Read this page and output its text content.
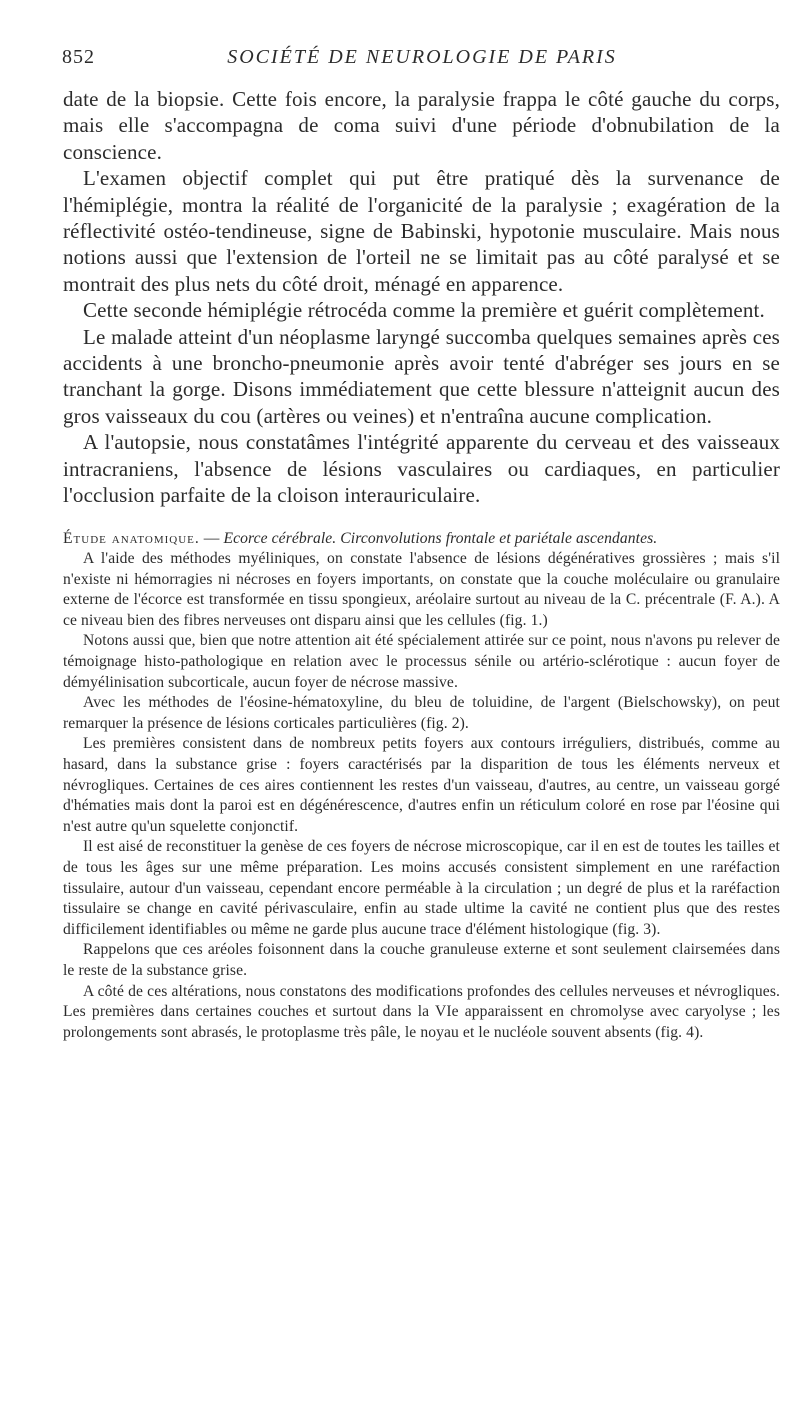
852	SOCIÉTÉ DE NEUROLOGIE DE PARIS

date de la biopsie. Cette fois encore, la paralysie frappa le côté gauche du corps, mais elle s'accompagna de coma suivi d'une période d'obnubilation de la conscience.

L'examen objectif complet qui put être pratiqué dès la survenance de l'hémiplégie, montra la réalité de l'organicité de la paralysie ; exagération de la réflectivité ostéo-tendineuse, signe de Babinski, hypotonie musculaire. Mais nous notions aussi que l'extension de l'orteil ne se limitait pas au côté paralysé et se montrait des plus nets du côté droit, ménagé en apparence.

Cette seconde hémiplégie rétrocéda comme la première et guérit complètement.

Le malade atteint d'un néoplasme laryngé succomba quelques semaines après ces accidents à une broncho-pneumonie après avoir tenté d'abréger ses jours en se tranchant la gorge. Disons immédiatement que cette blessure n'atteignit aucun des gros vaisseaux du cou (artères ou veines) et n'entraîna aucune complication.

A l'autopsie, nous constatâmes l'intégrité apparente du cerveau et des vaisseaux intracraniens, l'absence de lésions vasculaires ou cardiaques, en particulier l'occlusion parfaite de la cloison interauriculaire.

Étude anatomique. — Ecorce cérébrale. Circonvolutions frontale et pariétale ascendantes.

A l'aide des méthodes myéliniques, on constate l'absence de lésions dégénératives grossières ; mais s'il n'existe ni hémorragies ni nécroses en foyers importants, on constate que la couche moléculaire ou granulaire externe de l'écorce est transformée en tissu spongieux, aréolaire surtout au niveau de la C. précentrale (F. A.). A ce niveau bien des fibres nerveuses ont disparu ainsi que les cellules (fig. 1.)

Notons aussi que, bien que notre attention ait été spécialement attirée sur ce point, nous n'avons pu relever de témoignage histo-pathologique en relation avec le processus sénile ou artério-sclérotique : aucun foyer de démyélinisation subcorticale, aucun foyer de nécrose massive.

Avec les méthodes de l'éosine-hématoxyline, du bleu de toluidine, de l'argent (Bielschowsky), on peut remarquer la présence de lésions corticales particulières (fig. 2).

Les premières consistent dans de nombreux petits foyers aux contours irréguliers, distribués, comme au hasard, dans la substance grise : foyers caractérisés par la disparition de tous les éléments nerveux et névrogliques. Certaines de ces aires contiennent les restes d'un vaisseau, d'autres, au centre, un vaisseau gorgé d'hématies mais dont la paroi est en dégénérescence, d'autres enfin un réticulum coloré en rose par l'éosine qui n'est autre qu'un squelette conjonctif.

Il est aisé de reconstituer la genèse de ces foyers de nécrose microscopique, car il en est de toutes les tailles et de tous les âges sur une même préparation. Les moins accusés consistent simplement en une raréfaction tissulaire, autour d'un vaisseau, cependant encore perméable à la circulation ; un degré de plus et la raréfaction tissulaire se change en cavité périvasculaire, enfin au stade ultime la cavité ne contient plus que des restes difficilement identifiables ou même ne garde plus aucune trace d'élément histologique (fig. 3).

Rappelons que ces aréoles foisonnent dans la couche granuleuse externe et sont seulement clairsemées dans le reste de la substance grise.

A côté de ces altérations, nous constatons des modifications profondes des cellules nerveuses et névrogliques. Les premières dans certaines couches et surtout dans la VIe apparaissent en chromolyse avec caryolyse ; les prolongements sont abrasés, le protoplasme très pâle, le noyau et le nucléole souvent absents (fig. 4).
